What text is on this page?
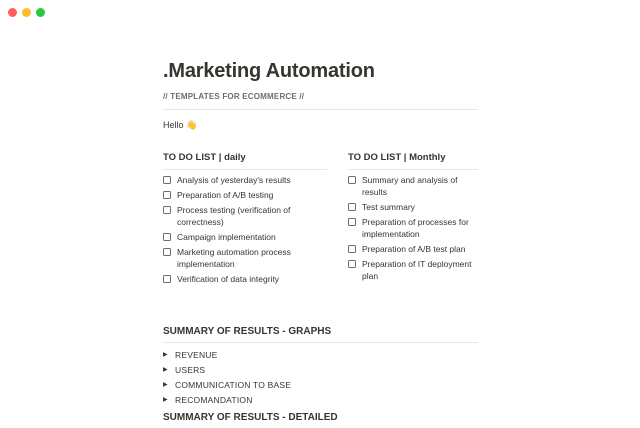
.Marketing Automation
// TEMPLATES FOR ECOMMERCE //
Hello 👋
TO DO LIST | daily
Analysis of yesterday's results
Preparation of A/B testing
Process testing (verification of correctness)
Campaign implementation
Marketing automation process implementation
Verification of data integrity
TO DO LIST | Monthly
Summary and analysis of results
Test summary
Preparation of processes for implementation
Preparation of A/B test plan
Preparation of IT deployment plan
SUMMARY OF RESULTS - GRAPHS
▶ REVENUE
▶ USERS
▶ COMMUNICATION TO BASE
▶ RECOMANDATION
SUMMARY OF RESULTS - DETAILED
